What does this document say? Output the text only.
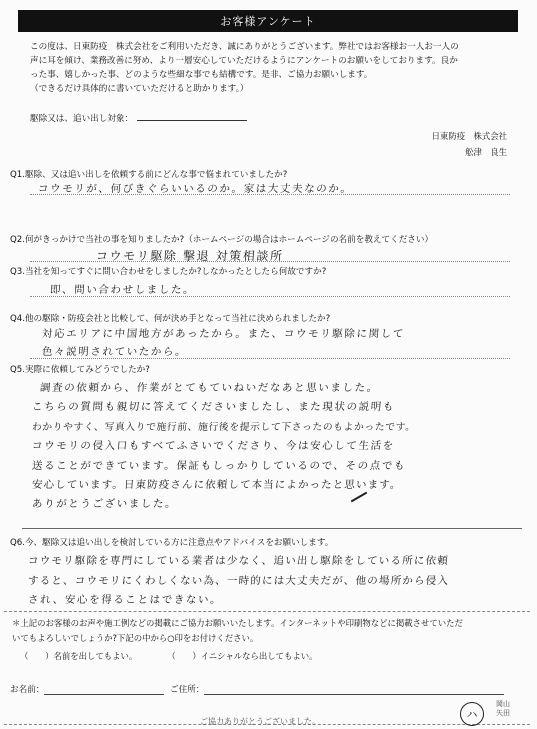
お客様アンケート

この度は、日東防疫　株式会社をご利用いただき、誠にありがとうございます。弊社ではお客様お一人お一人の

声に耳を傾け、業務改善に努め、より一層安心していただけるようにアンケートのお願いをしております。良か

った事、嬉しかった事、どのような些細な事でも結構です。是非、ご協力お願いします。

（できるだけ具体的に書いていただけると助かります。）

駆除又は、追い出し対象：
日東防疫　株式会社
舩津　良生
Q1.駆除、又は追い出しを依頼する前にどんな事で悩まれていましたか?
コウモリが、何びきぐらいいるのか。家は大丈夫なのか。
Q2.何がきっかけで当社の事を知りましたか?（ホームページの場合はホームページの名前を教えてください）
コウモリ駆除 撃退 対策相談所
Q3.当社を知ってすぐに問い合わせをしましたか?しなかったとしたら何故ですか?
即、問い合わせしました。
Q4.他の駆除・防疫会社と比較して、何が決め手となって当社に決められましたか?
対応エリアに中国地方があったから。また、コウモリ駆除に関して
色々説明されていたから。
Q5.実際に依頼してみどうでしたか?
調査の依頼から、作業がとてもていねいだなあと思いました。
こちらの質問も親切に答えてくださいましたし、また現状の説明も
わかりやすく、写真入りで施行前、施行後を提示して下さったのもよかったです。
コウモリの侵入口もすべてふさいでくださり、今は安心して生活を
送ることができています。保証もしっかりしているので、その点でも
安心しています。日東防疫さんに依頼して本当によかったと思います。
ありがとうございました。
Q6.今、駆除又は追い出しを検討している方に注意点やアドバイスをお願いします。
コウモリ駆除を専門にしている業者は少なく、追い出し駆除をしている所に依頼
すると、コウモリにくわしくない為、一時的には大丈夫だが、他の場所から侵入
され、安心を得ることはできない。

＊上記のお客様のお声や施工例などの掲載にご協力お願いいたします。インターネットや印刷物などに掲載させていただ

いてもよろしいでしょうか?下記の中から○印をお付けください。

（　　）名前を出してもよい。	（　　）イニシャルなら出してもよい。
お名前：	ご住所：
ご協力ありがとうございました。
ハ
岡山
矢田
